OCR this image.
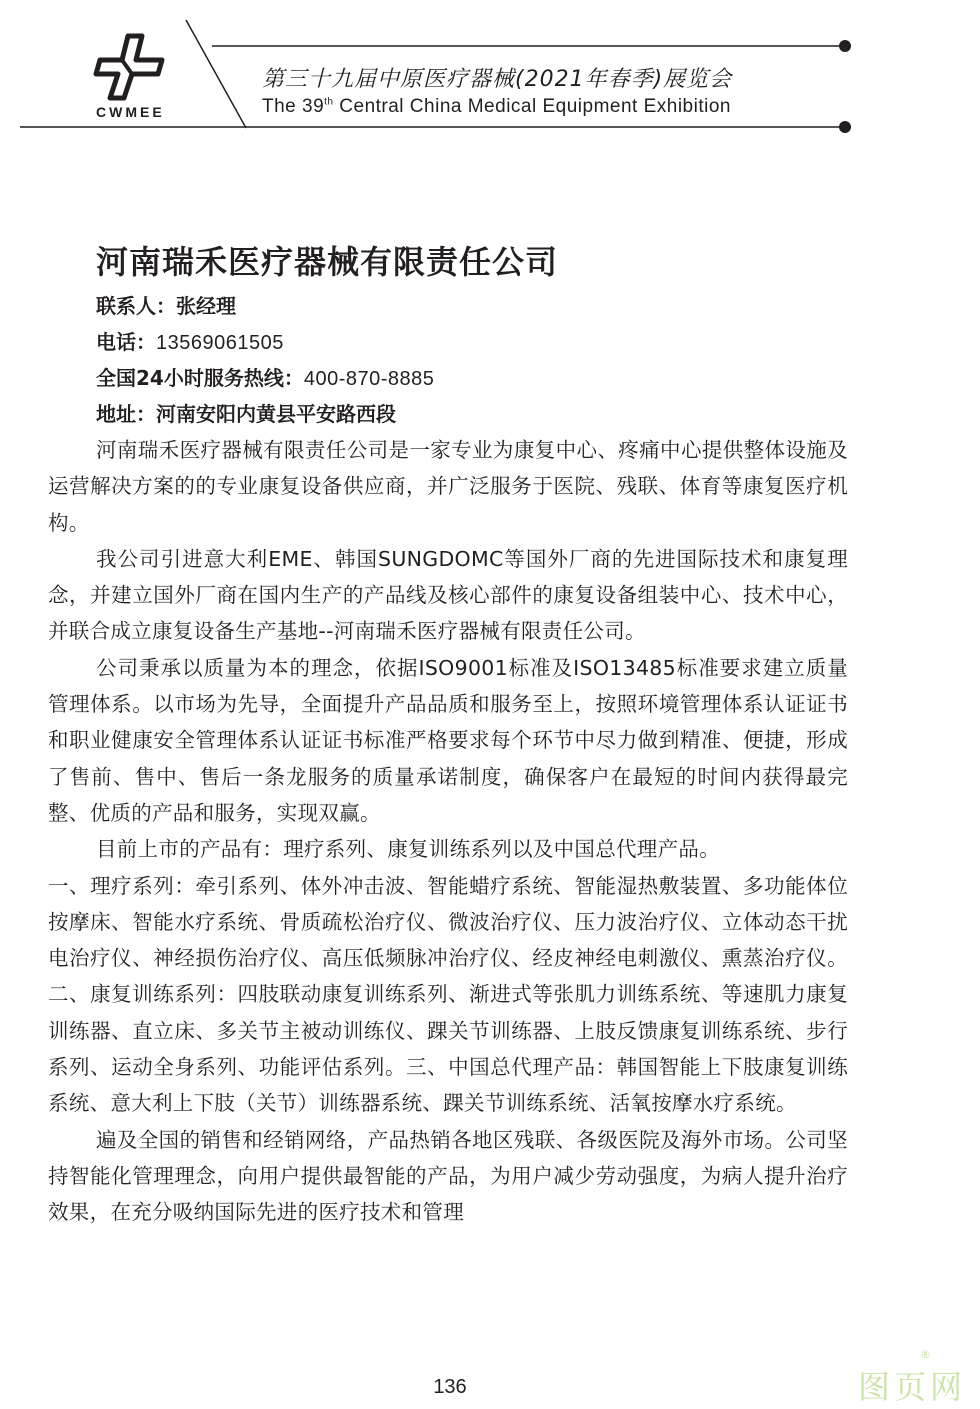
CWMEE
第三十九届中原医疗器械(2021年春季)展览会
The 39th Central China Medical Equipment Exhibition
河南瑞禾医疗器械有限责任公司
联系人：张经理
电话：13569061505
全国24小时服务热线：400-870-8885
地址：河南安阳内黄县平安路西段

河南瑞禾医疗器械有限责任公司是一家专业为康复中心、疼痛中心提供整体设施及运营解决方案的的专业康复设备供应商，并广泛服务于医院、残联、体育等康复医疗机构。

我公司引进意大利EME、韩国SUNGDOMC等国外厂商的先进国际技术和康复理念，并建立国外厂商在国内生产的产品线及核心部件的康复设备组装中心、技术中心，并联合成立康复设备生产基地--河南瑞禾医疗器械有限责任公司。

公司秉承以质量为本的理念，依据ISO9001标准及ISO13485标准要求建立质量管理体系。以市场为先导，全面提升产品品质和服务至上，按照环境管理体系认证证书和职业健康安全管理体系认证证书标准严格要求每个环节中尽力做到精准、便捷，形成了售前、售中、售后一条龙服务的质量承诺制度，确保客户在最短的时间内获得最完整、优质的产品和服务，实现双赢。

目前上市的产品有：理疗系列、康复训练系列以及中国总代理产品。

一、理疗系列：牵引系列、体外冲击波、智能蜡疗系统、智能湿热敷装置、多功能体位按摩床、智能水疗系统、骨质疏松治疗仪、微波治疗仪、压力波治疗仪、立体动态干扰电治疗仪、神经损伤治疗仪、高压低频脉冲治疗仪、经皮神经电刺激仪、熏蒸治疗仪。二、康复训练系列：四肢联动康复训练系列、渐进式等张肌力训练系统、等速肌力康复训练器、直立床、多关节主被动训练仪、踝关节训练器、上肢反馈康复训练系统、步行系列、运动全身系列、功能评估系列。三、中国总代理产品：韩国智能上下肢康复训练系统、意大利上下肢（关节）训练器系统、踝关节训练系统、活氧按摩水疗系统。

遍及全国的销售和经销网络，产品热销各地区残联、各级医院及海外市场。公司坚持智能化管理理念，向用户提供最智能的产品，为用户减少劳动强度，为病人提升治疗效果，在充分吸纳国际先进的医疗技术和管理

136	图页网
®
